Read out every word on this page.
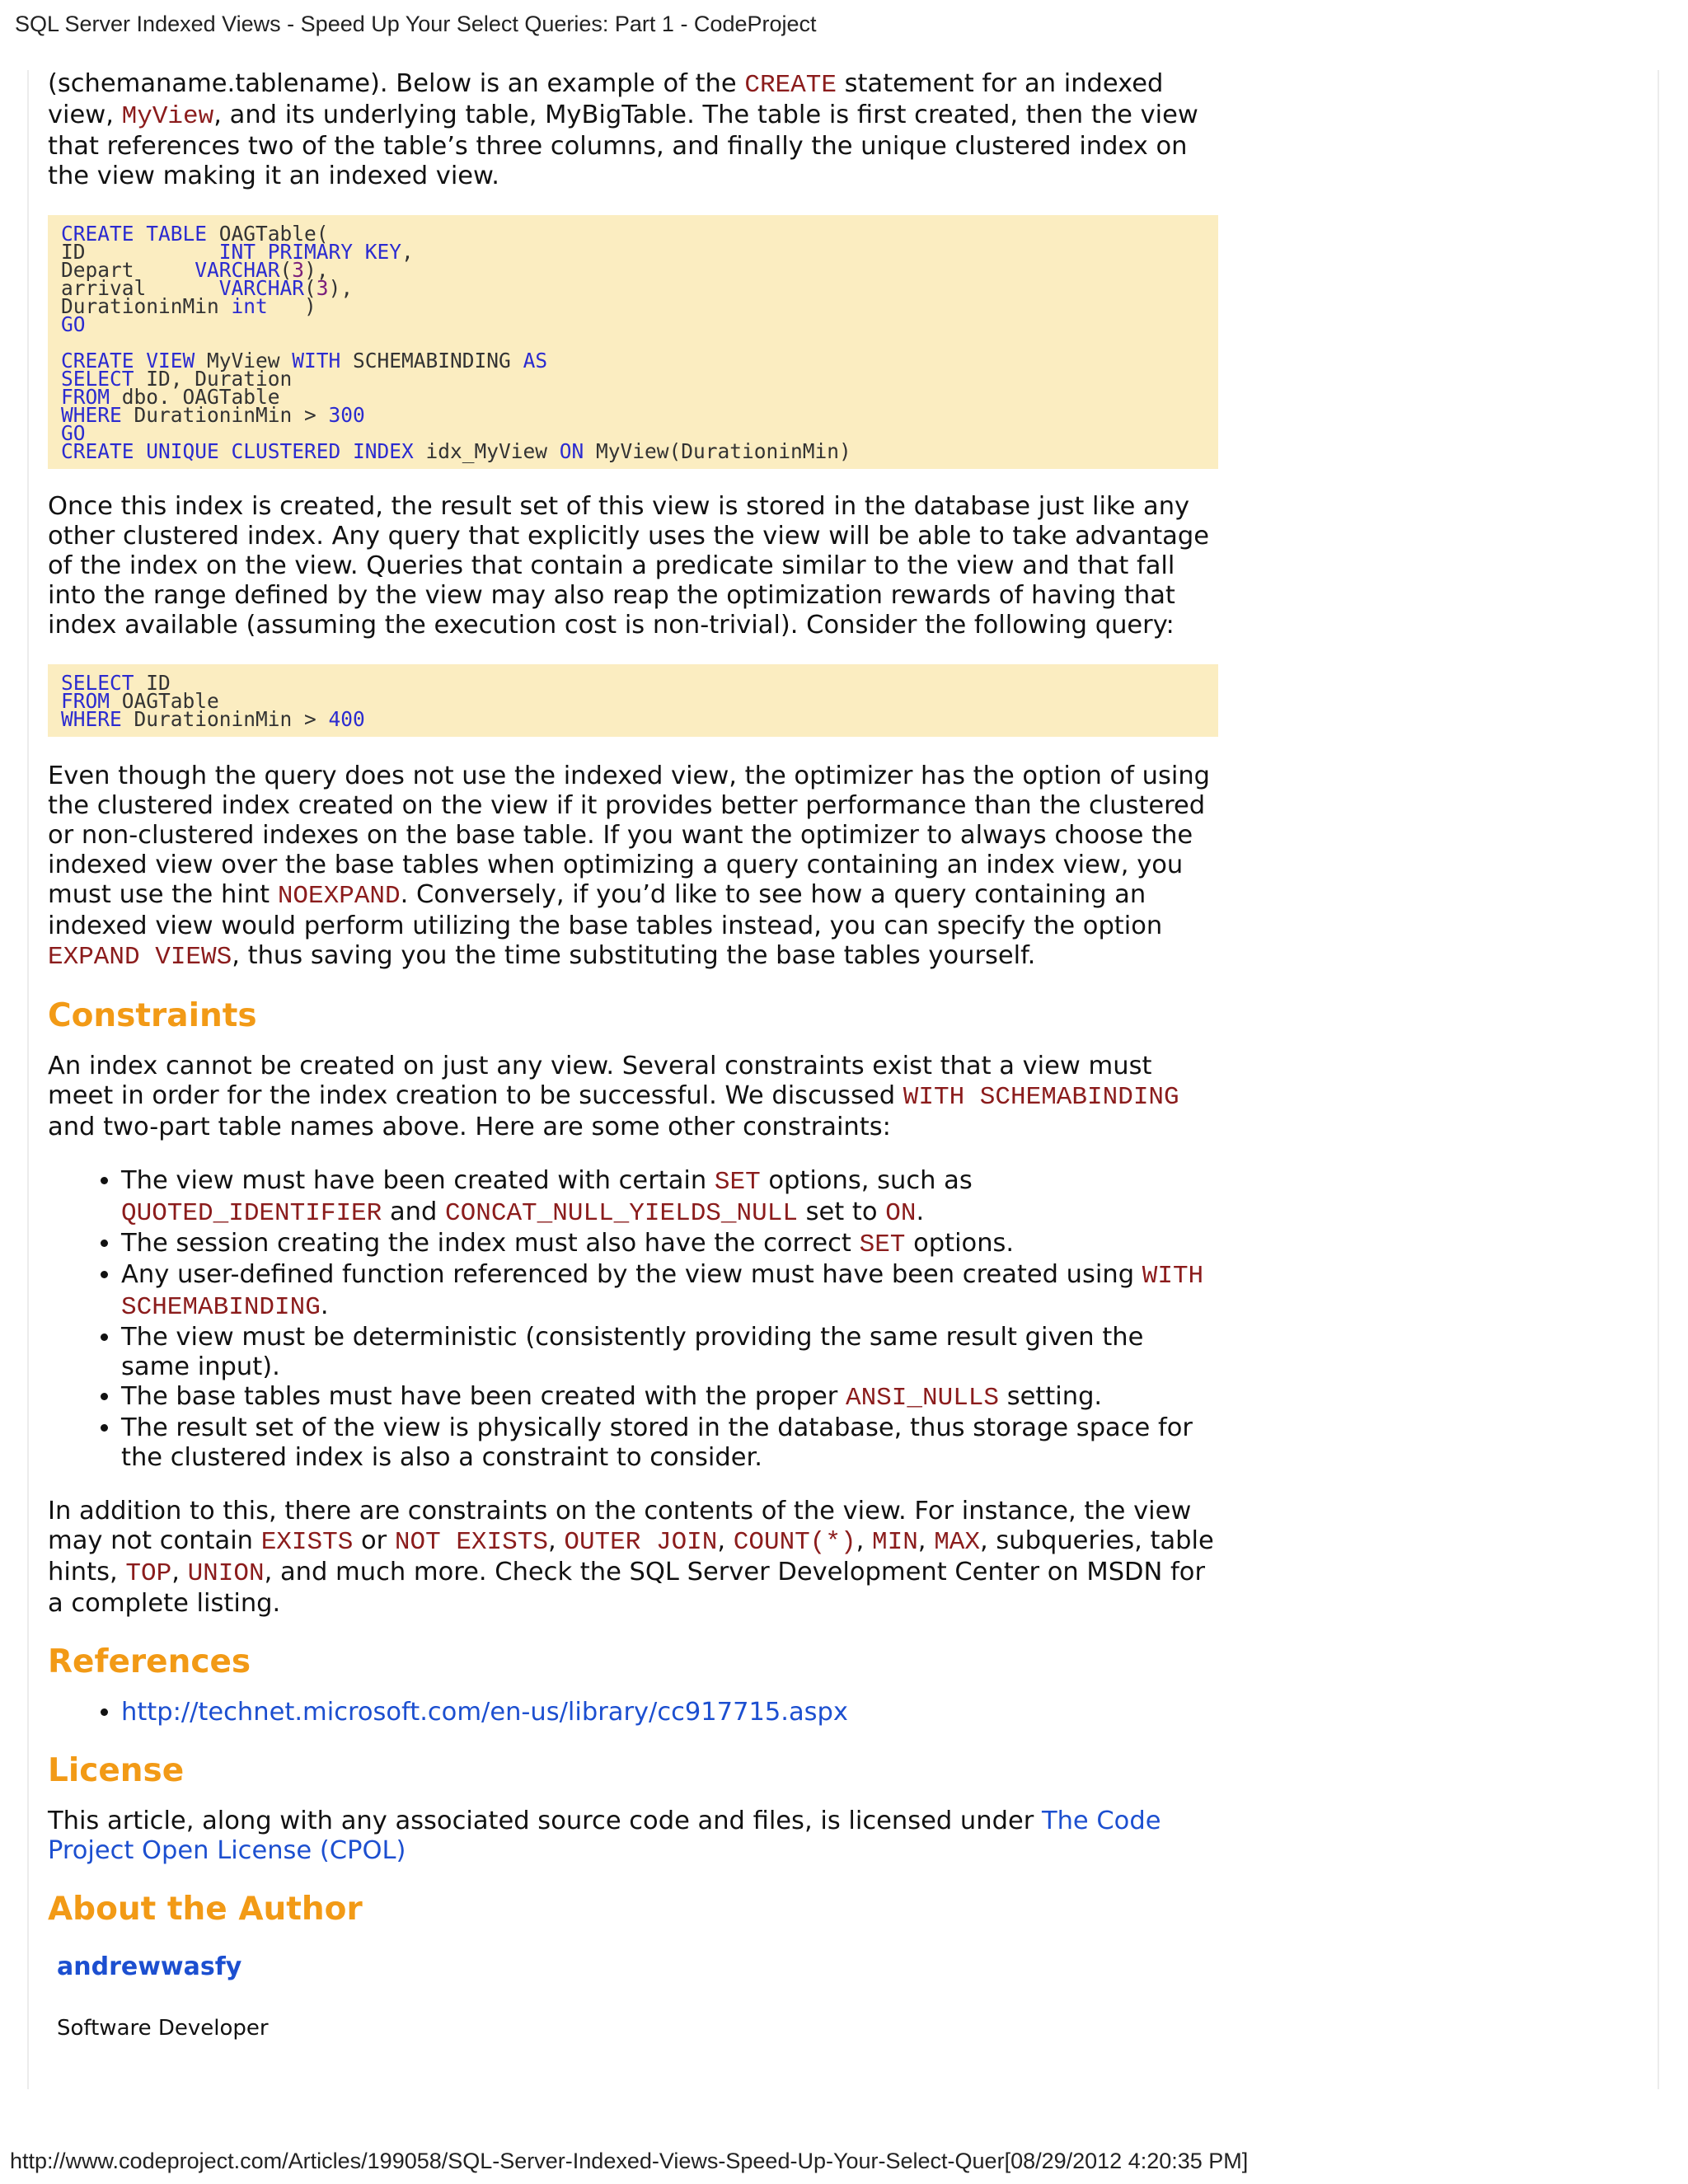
SQL Server Indexed Views - Speed Up Your Select Queries: Part 1 - CodeProject

(schemaname.tablename). Below is an example of the CREATE statement for an indexed view, MyView, and its underlying table, MyBigTable. The table is first created, then the view that references two of the table’s three columns, and finally the unique clustered index on the view making it an indexed view.

CREATE TABLE OAGTable(
ID           INT PRIMARY KEY,
Depart     VARCHAR(3),
arrival      VARCHAR(3),
DurationinMin int   )
GO

CREATE VIEW MyView WITH SCHEMABINDING AS
SELECT ID, Duration
FROM dbo. OAGTable
WHERE DurationinMin > 300
GO
CREATE UNIQUE CLUSTERED INDEX idx_MyView ON MyView(DurationinMin)

Once this index is created, the result set of this view is stored in the database just like any other clustered index. Any query that explicitly uses the view will be able to take advantage of the index on the view. Queries that contain a predicate similar to the view and that fall into the range defined by the view may also reap the optimization rewards of having that index available (assuming the execution cost is non-trivial). Consider the following query:

SELECT ID
FROM OAGTable
WHERE DurationinMin > 400

Even though the query does not use the indexed view, the optimizer has the option of using the clustered index created on the view if it provides better performance than the clustered or non-clustered indexes on the base table. If you want the optimizer to always choose the indexed view over the base tables when optimizing a query containing an index view, you must use the hint NOEXPAND. Conversely, if you’d like to see how a query containing an indexed view would perform utilizing the base tables instead, you can specify the option EXPAND VIEWS, thus saving you the time substituting the base tables yourself.

Constraints

An index cannot be created on just any view. Several constraints exist that a view must meet in order for the index creation to be successful. We discussed WITH SCHEMABINDING and two-part table names above. Here are some other constraints:

• The view must have been created with certain SET options, such as QUOTED_IDENTIFIER and CONCAT_NULL_YIELDS_NULL set to ON.
• The session creating the index must also have the correct SET options.
• Any user-defined function referenced by the view must have been created using WITH SCHEMABINDING.
• The view must be deterministic (consistently providing the same result given the same input).
• The base tables must have been created with the proper ANSI_NULLS setting.
• The result set of the view is physically stored in the database, thus storage space for the clustered index is also a constraint to consider.

In addition to this, there are constraints on the contents of the view. For instance, the view may not contain EXISTS or NOT EXISTS, OUTER JOIN, COUNT(*), MIN, MAX, subqueries, table hints, TOP, UNION, and much more. Check the SQL Server Development Center on MSDN for a complete listing.

References
• http://technet.microsoft.com/en-us/library/cc917715.aspx
License

This article, along with any associated source code and files, is licensed under The Code Project Open License (CPOL)

About the Author
andrewwasfy
Software Developer
http://www.codeproject.com/Articles/199058/SQL-Server-Indexed-Views-Speed-Up-Your-Select-Quer[08/29/2012 4:20:35 PM]
